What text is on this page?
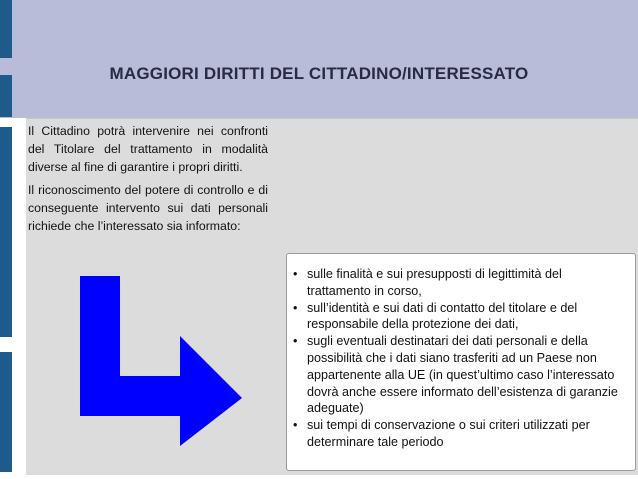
MAGGIORI DIRITTI DEL CITTADINO/INTERESSATO

Il Cittadino potrà intervenire nei confronti del Titolare del trattamento in modalità diverse al fine di garantire i propri diritti.

Il riconoscimento del potere di controllo e di conseguente intervento sui dati personali richiede che l’interessato sia informato:

• sulle finalità e sui presupposti di legittimità del trattamento in corso,
• sull’identità e sui dati di contatto del titolare e del responsabile della protezione dei dati,
• sugli eventuali destinatari dei dati personali e della possibilità che i dati siano trasferiti ad un Paese non appartenente alla UE (in quest’ultimo caso l’interessato dovrà anche essere informato dell’esistenza di garanzie adeguate)
• sui tempi di conservazione o sui criteri utilizzati per determinare tale periodo
